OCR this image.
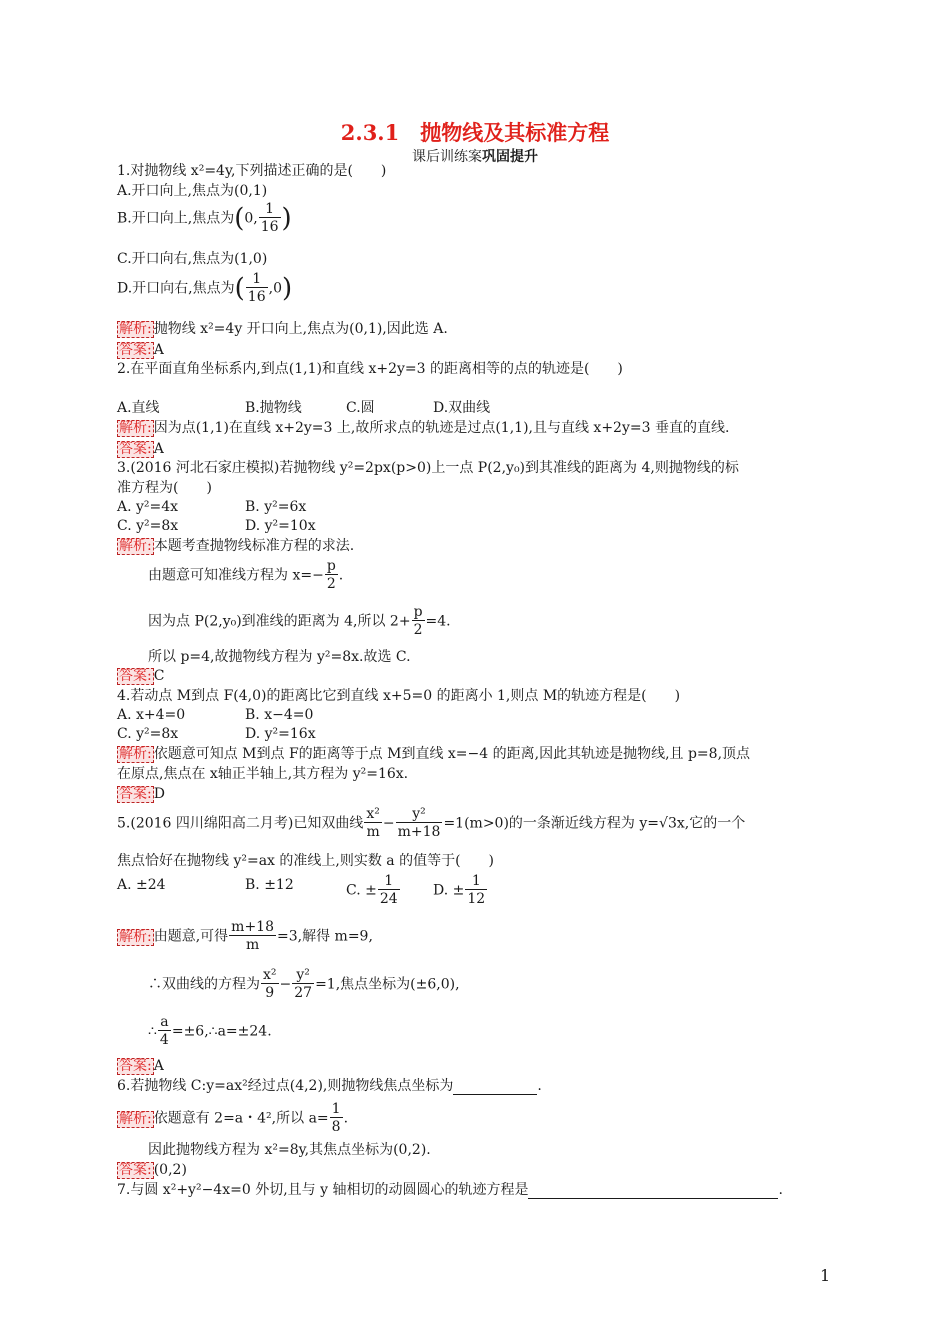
2.3.1　抛物线及其标准方程
课后训练案巩固提升
1.对抛物线 x²=4y,下列描述正确的是(　　)
A.开口向上,焦点为(0,1)
B.开口向上,焦点为(0, $\frac{1}{16}$ )
C.开口向右,焦点为(1,0)
D.开口向右,焦点为( $\frac{1}{16} ,0$)
解析: 抛物线 x²=4y 开口向上,焦点为(0,1),因此选 A.
答案: A
2.在平面直角坐标系内,到点(1,1)和直线 x+2y=3 的距离相等的点的轨迹是(　　)
A.直线	B.抛物线	C.圆	D.双曲线
解析: 因为点(1,1)在直线 x+2y=3 上,故所求点的轨迹是过点(1,1),且与直线 x+2y=3 垂直的直线.
答案: A
3.(2016 河北石家庄模拟)若抛物线 y²=2px(p>0)上一点 P(2,y₀)到其准线的距离为 4,则抛物线的标
准方程为(　　)
A. y²=4x	B. y²=6x
C. y²=8x	D. y²=10x
解析: 本题考查抛物线标准方程的求法.
由题意可知准线方程为 $x=- \frac{p}{2}$ .
因为点 P(2,y₀)到准线的距离为 4,所以 $2+ \frac{p}{2} =4$.
所以 p=4,故抛物线方程为 y²=8x.故选 C.
答案: C
4.若动点 M到点 F(4,0)的距离比它到直线 x+5=0 的距离小 1,则点 M的轨迹方程是(　　)
A. x+4=0	B. x−4=0
C. y²=8x	D. y²=16x
解析: 依题意可知点 M到点 F的距离等于点 M到直线 x=−4 的距离,因此其轨迹是抛物线,且 p=8,顶点
在原点,焦点在 x轴正半轴上,其方程为 y²=16x.
答案: D
5.(2016 四川绵阳高二月考)已知双曲线 $\frac{\text{x²}}{m} - \frac{\text{y²}}{m+18} =1(m>0)$的一条渐近线方程为 y=√3x,它的一个
焦点恰好在抛物线 y²=ax 的准线上,则实数 a 的值等于(　　)
A. ±24	B. ±12	C. ± $\frac{1}{24} D$. ± $\frac{1}{12}$
解析: 由题意,可得 $\frac{m+18}{m} =3$,解得 m=9,
∴双曲线的方程为 $\frac{\text{x²}}{9} - \frac{\text{y²}}{27} =1$,焦点坐标为(±6,0),
∴ $\frac{a}{4}$ =±6,∴a=±24.
答案: A
6.若抛物线 C:y=ax²经过点(4,2),则抛物线焦点坐标为	.
解析: 依题意有 2=a・4²,所以 $a= \frac{1}{8}$ .
因此抛物线方程为 x²=8y,其焦点坐标为(0,2).
答案: (0,2)
7.与圆 x²+y²−4x=0 外切,且与 y 轴相切的动圆圆心的轨迹方程是	.
1
